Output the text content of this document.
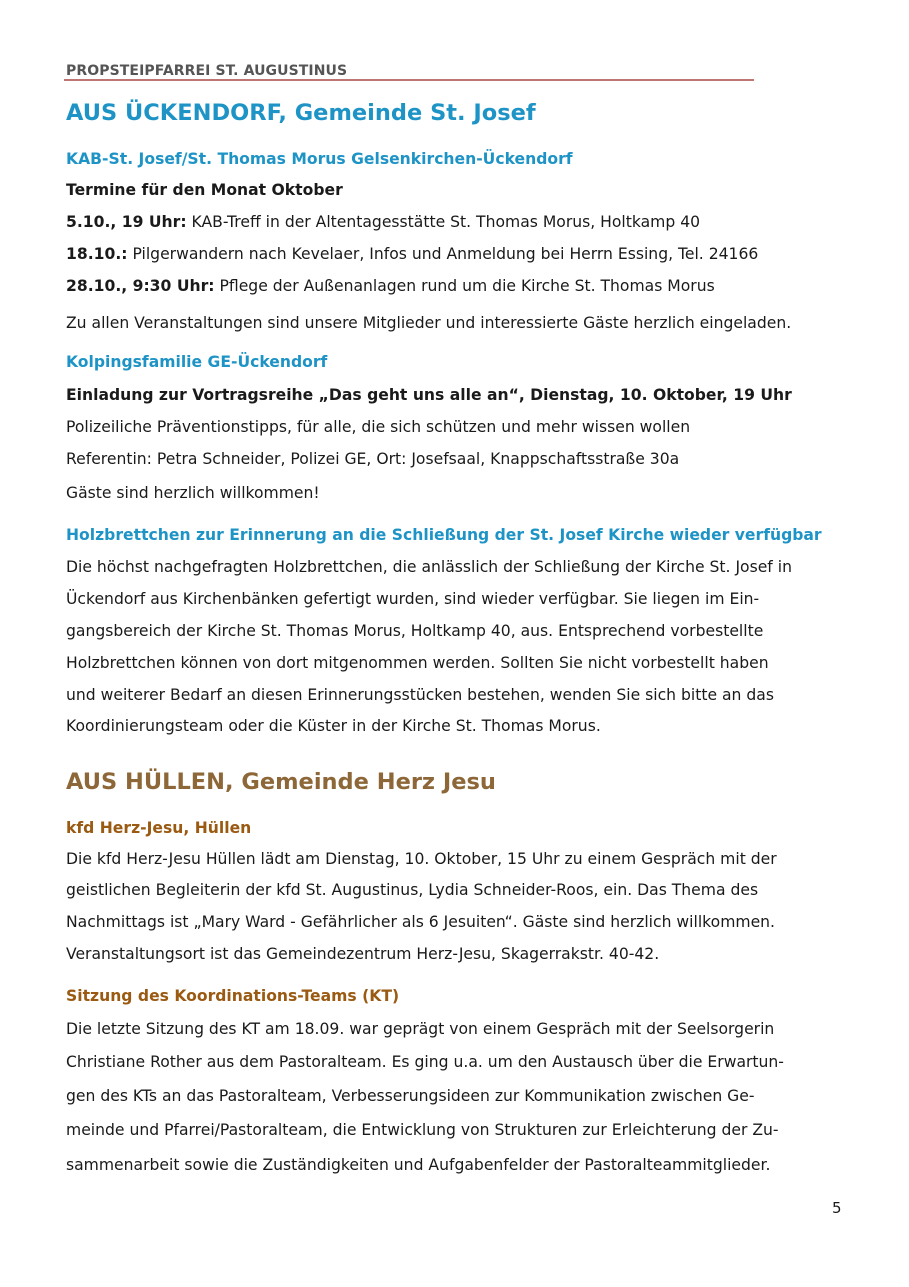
PROPSTEIPFARREI ST. AUGUSTINUS
AUS ÜCKENDORF, Gemeinde St. Josef
KAB-St. Josef/St. Thomas Morus Gelsenkirchen-Ückendorf
Termine für den Monat Oktober
5.10., 19 Uhr: KAB-Treff in der Altentagesstätte St. Thomas Morus, Holtkamp 40
18.10.: Pilgerwandern nach Kevelaer, Infos und Anmeldung bei Herrn Essing, Tel. 24166
28.10., 9:30 Uhr: Pflege der Außenanlagen rund um die Kirche St. Thomas Morus
Zu allen Veranstaltungen sind unsere Mitglieder und interessierte Gäste herzlich eingeladen.
Kolpingsfamilie GE-Ückendorf
Einladung zur Vortragsreihe „Das geht uns alle an“, Dienstag, 10. Oktober, 19 Uhr
Polizeiliche Präventionstipps, für alle, die sich schützen und mehr wissen wollen
Referentin: Petra Schneider, Polizei GE, Ort: Josefsaal, Knappschaftsstraße 30a
Gäste sind herzlich willkommen!
Holzbrettchen zur Erinnerung an die Schließung der St. Josef Kirche wieder verfügbar
Die höchst nachgefragten Holzbrettchen, die anlässlich der Schließung der Kirche St. Josef in
Ückendorf aus Kirchenbänken gefertigt wurden, sind wieder verfügbar. Sie liegen im Ein-
gangsbereich der Kirche St. Thomas Morus, Holtkamp 40, aus. Entsprechend vorbestellte
Holzbrettchen können von dort mitgenommen werden. Sollten Sie nicht vorbestellt haben
und weiterer Bedarf an diesen Erinnerungsstücken bestehen, wenden Sie sich bitte an das
Koordinierungsteam oder die Küster in der Kirche St. Thomas Morus.
AUS HÜLLEN, Gemeinde Herz Jesu
kfd Herz-Jesu, Hüllen
Die kfd Herz-Jesu Hüllen lädt am Dienstag, 10. Oktober, 15 Uhr zu einem Gespräch mit der
geistlichen Begleiterin der kfd St. Augustinus, Lydia Schneider-Roos, ein. Das Thema des
Nachmittags ist „Mary Ward - Gefährlicher als 6 Jesuiten“. Gäste sind herzlich willkommen.
Veranstaltungsort ist das Gemeindezentrum Herz-Jesu, Skagerrakstr. 40-42.
Sitzung des Koordinations-Teams (KT)
Die letzte Sitzung des KT am 18.09. war geprägt von einem Gespräch mit der Seelsorgerin
Christiane Rother aus dem Pastoralteam. Es ging u.a. um den Austausch über die Erwartun-
gen des KTs an das Pastoralteam, Verbesserungsideen zur Kommunikation zwischen Ge-
meinde und Pfarrei/Pastoralteam, die Entwicklung von Strukturen zur Erleichterung der Zu-
sammenarbeit sowie die Zuständigkeiten und Aufgabenfelder der Pastoralteammitglieder.
5
